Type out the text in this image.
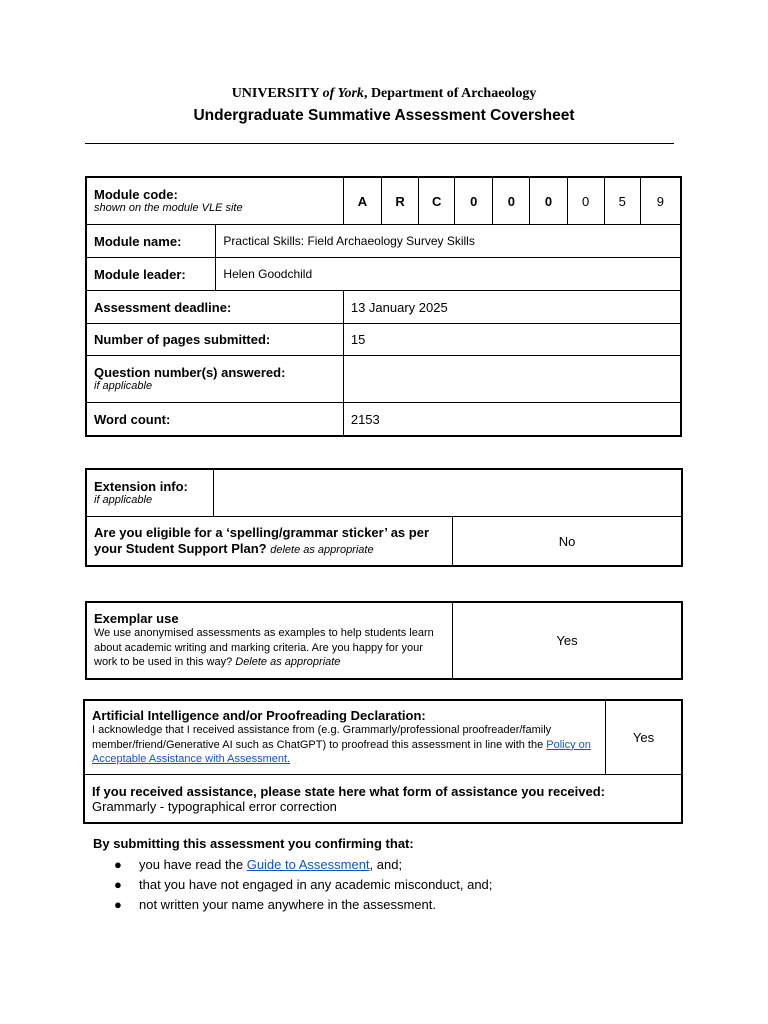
UNIVERSITY of York, Department of Archaeology
Undergraduate Summative Assessment Coversheet
Module code:
shown on the module VLE site		A	R	C	0	0	0	0	5	9
Module name:	Practical Skills: Field Archaeology Survey Skills									
Module leader:	Helen Goodchild									
Assessment deadline:		13 January 2025								
Number of pages submitted:		15								
Question number(s) answered:
if applicable										

Word count:		2153								
Extension info:
if applicable		

Are you eligible for a ‘spelling/grammar sticker’ as per your Student Support Plan? delete as appropriate		No
Exemplar use
We use anonymised assessments as examples to help students learn about academic writing and marking criteria. Are you happy for your work to be used in this way? Delete as appropriate
	Yes
Artificial Intelligence and/or Proofreading Declaration:
I acknowledge that I received assistance from (e.g. Grammarly/professional proofreader/family member/friend/Generative AI such as ChatGPT) to proofread this assessment in line with the Policy on Acceptable Assistance with Assessment.
	Yes

If you received assistance, please state here what form of assistance you received:
Grammarly - typographical error correction
By submitting this assessment you confirming that:
● you have read the Guide to Assessment, and;
● that you have not engaged in any academic misconduct, and;
● not written your name anywhere in the assessment.
